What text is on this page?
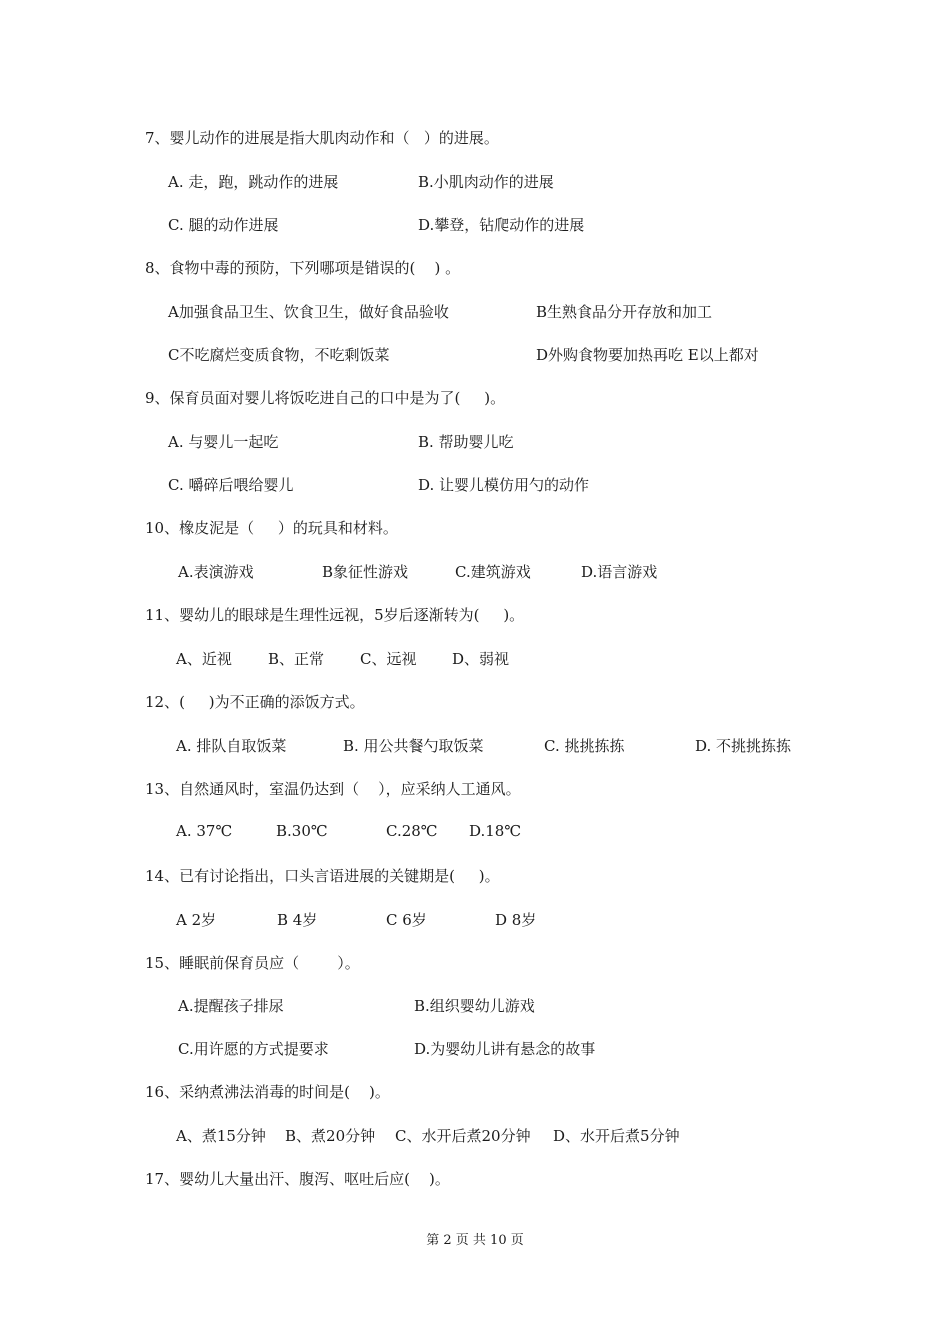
7、婴儿动作的进展是指大肌肉动作和（   ）的进展。
A. 走，跑，跳动作的进展	B.小肌肉动作的进展
C. 腿的动作进展	D.攀登，钻爬动作的进展
8、食物中毒的预防，下列哪项是错误的(    ) 。
A加强食品卫生、饮食卫生，做好食品验收	B生熟食品分开存放和加工
C不吃腐烂变质食物，不吃剩饭菜	D外购食物要加热再吃 E以上都对
9、保育员面对婴儿将饭吃进自己的口中是为了(     )。
A. 与婴儿一起吃	B. 帮助婴儿吃
C. 嚼碎后喂给婴儿	D. 让婴儿模仿用勺的动作
10、橡皮泥是（     ）的玩具和材料。
A.表演游戏	B象征性游戏	C.建筑游戏	D.语言游戏
11、婴幼儿的眼球是生理性远视，5岁后逐渐转为(     )。
A、近视 B、正常 C、远视 D、弱视
12、(     )为不正确的添饭方式。
A. 排队自取饭菜	B. 用公共餐勺取饭菜	C. 挑挑拣拣	D. 不挑挑拣拣
13、自然通风时，室温仍达到（    ），应采纳人工通风。
A. 37℃	B.30℃	C.28℃ D.18℃
14、已有讨论指出，口头言语进展的关键期是(     )。
A 2岁	B 4岁	C 6岁	D 8岁
15、睡眠前保育员应（        ）。
A.提醒孩子排尿	B.组织婴幼儿游戏
C.用许愿的方式提要求	D.为婴幼儿讲有悬念的故事
16、采纳煮沸法消毒的时间是(    )。
A、煮15分钟 B、煮20分钟 C、水开后煮20分钟 D、水开后煮5分钟
17、婴幼儿大量出汗、腹泻、呕吐后应(    )。
第 2 页 共 10 页
